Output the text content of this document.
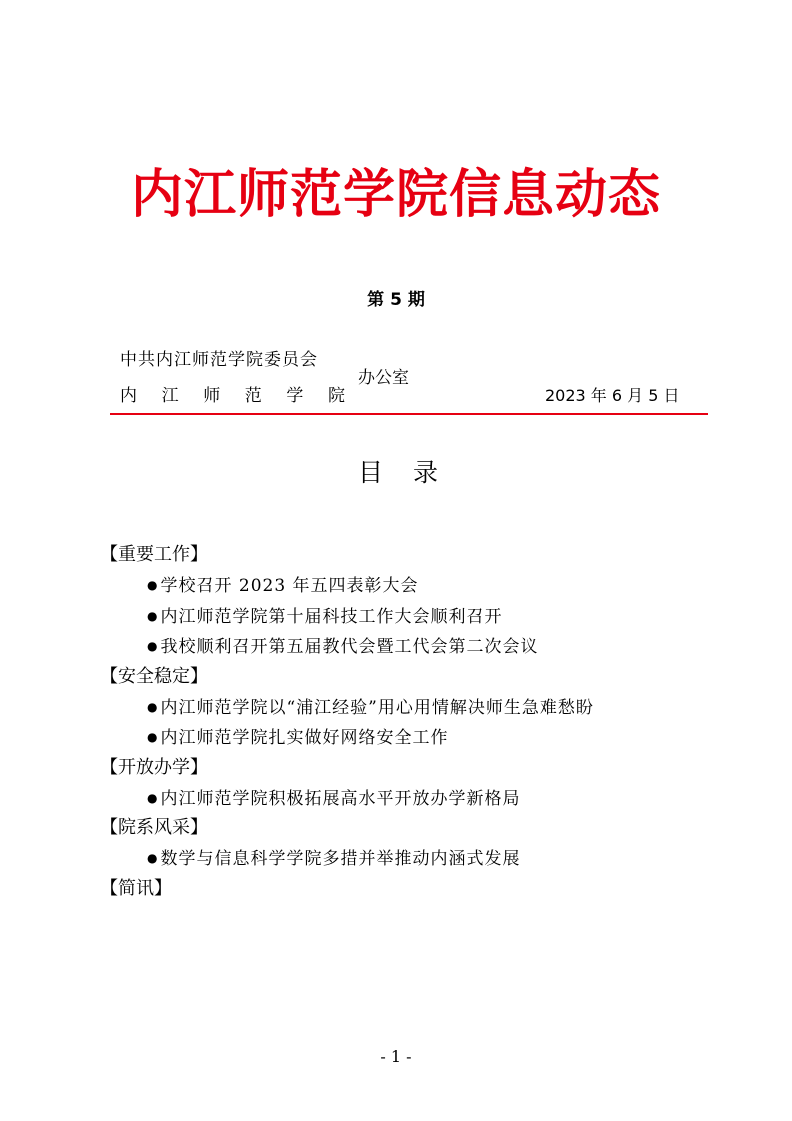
内江师范学院信息动态
第 5 期
中共内江师范学院委员会
内 江 师 范 学 院
办公室
2023 年 6 月 5 日
目 录
【重要工作】
● 学校召开 2023 年五四表彰大会
● 内江师范学院第十届科技工作大会顺利召开
● 我校顺利召开第五届教代会暨工代会第二次会议
【安全稳定】
● 内江师范学院以“浦江经验”用心用情解决师生急难愁盼
● 内江师范学院扎实做好网络安全工作
【开放办学】
● 内江师范学院积极拓展高水平开放办学新格局
【院系风采】
● 数学与信息科学学院多措并举推动内涵式发展
【简讯】
- 1 -
